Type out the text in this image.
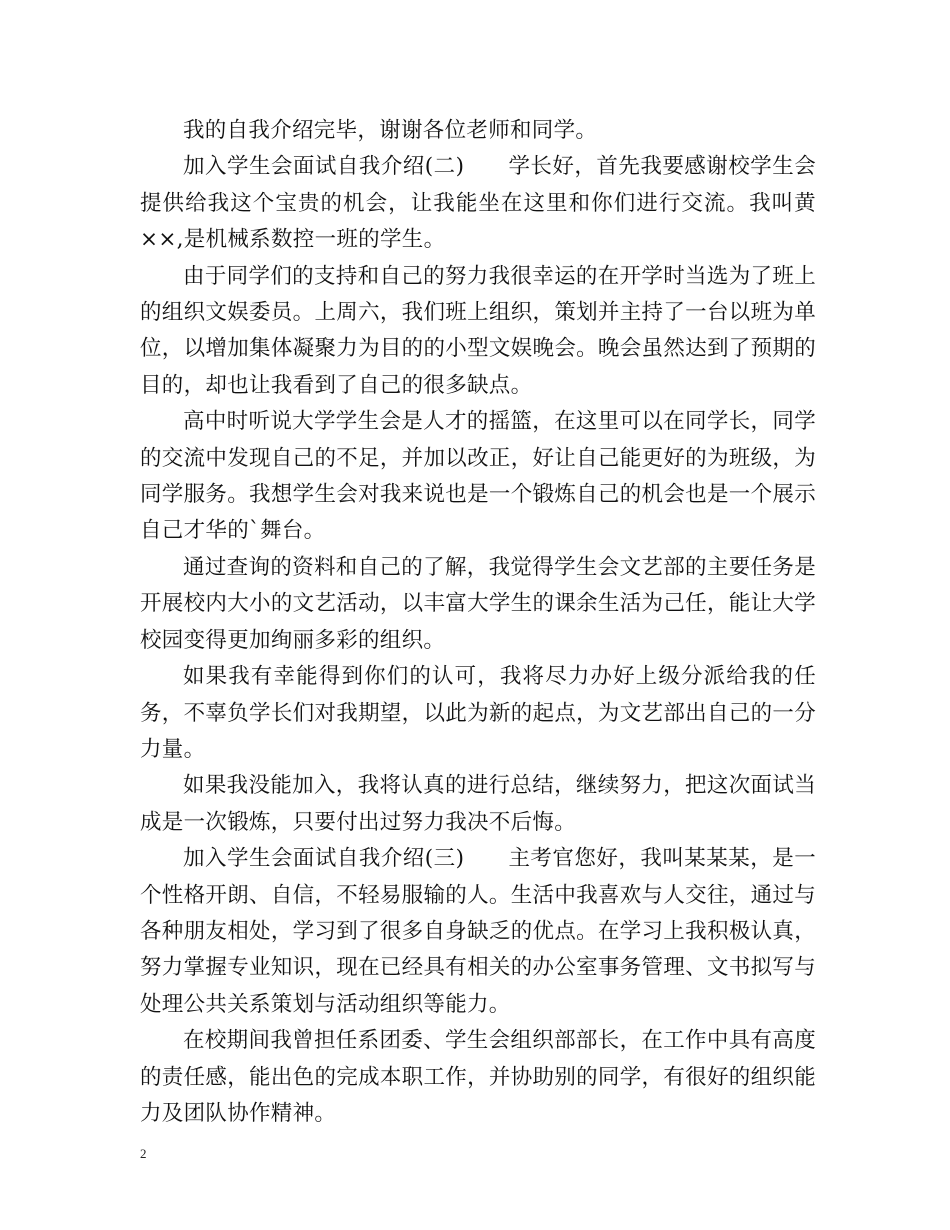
我的自我介绍完毕，谢谢各位老师和同学。

加入学生会面试自我介绍(二)　　学长好，首先我要感谢校学生会提供给我这个宝贵的机会，让我能坐在这里和你们进行交流。我叫黄××,是机械系数控一班的学生。

由于同学们的支持和自己的努力我很幸运的在开学时当选为了班上的组织文娱委员。上周六，我们班上组织，策划并主持了一台以班为单位，以增加集体凝聚力为目的的小型文娱晚会。晚会虽然达到了预期的目的，却也让我看到了自己的很多缺点。

高中时听说大学学生会是人才的摇篮，在这里可以在同学长，同学的交流中发现自己的不足，并加以改正，好让自己能更好的为班级，为同学服务。我想学生会对我来说也是一个锻炼自己的机会也是一个展示自己才华的`舞台。

通过查询的资料和自己的了解，我觉得学生会文艺部的主要任务是开展校内大小的文艺活动，以丰富大学生的课余生活为己任，能让大学校园变得更加绚丽多彩的组织。

如果我有幸能得到你们的认可，我将尽力办好上级分派给我的任务，不辜负学长们对我期望，以此为新的起点，为文艺部出自己的一分力量。

如果我没能加入，我将认真的进行总结，继续努力，把这次面试当成是一次锻炼，只要付出过努力我决不后悔。

加入学生会面试自我介绍(三)　　主考官您好，我叫某某某，是一个性格开朗、自信，不轻易服输的人。生活中我喜欢与人交往，通过与各种朋友相处，学习到了很多自身缺乏的优点。在学习上我积极认真，努力掌握专业知识，现在已经具有相关的办公室事务管理、文书拟写与处理公共关系策划与活动组织等能力。

在校期间我曾担任系团委、学生会组织部部长，在工作中具有高度的责任感，能出色的完成本职工作，并协助别的同学，有很好的组织能力及团队协作精神。

2
